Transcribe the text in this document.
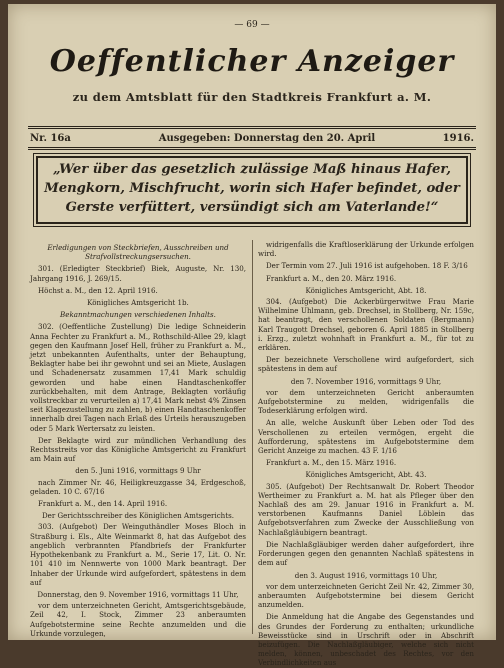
— 69 —
Oeffentlicher Anzeiger
zu dem Amtsblatt für den Stadtkreis Frankfurt a. M.
Nr. 16a	Ausgegeben: Donnerstag den 20. April	1916.
„Wer über das gesetzlich zulässige Maß hinaus Hafer,
Mengkorn, Mischfrucht, worin sich Hafer befindet, oder
Gerste verfüttert, versündigt sich am Vaterlande!“

Erledigungen von Steckbriefen, Ausschreiben und Strafvollstreckungsersuchen.

301. (Erledigter Steckbrief) Biek, Auguste, Nr. 130, Jahrgang 1916, J. 269/15.

Höchst a. M., den 12. April 1916.

Königliches Amtsgericht 1b.

Bekanntmachungen verschiedenen Inhalts.

302. (Oeffentliche Zustellung) Die ledige Schneiderin Anna Fechter zu Frankfurt a. M., Rothschild-Allee 29, klagt gegen den Kaufmann Josef Hell, früher zu Frankfurt a. M., jetzt unbekannten Aufenthalts, unter der Behauptung, Beklagter habe bei ihr gewohnt und sei an Miete, Auslagen und Schadenersatz zusammen 17,41 Mark schuldig geworden und habe einen Handtaschenkoffer zurückbehalten, mit dem Antrage, Beklagten vorläufig vollstreckbar zu verurteilen a) 17,41 Mark nebst 4% Zinsen seit Klagezustellung zu zahlen, b) einen Handtaschenkoffer innerhalb drei Tagen nach Erlaß des Urteils herauszugeben oder 5 Mark Wertersatz zu leisten.

Der Beklagte wird zur mündlichen Verhandlung des Rechtsstreits vor das Königliche Amtsgericht zu Frankfurt am Main auf

den 5. Juni 1916, vormittags 9 Uhr

nach Zimmer Nr. 46, Heiligkreuzgasse 34, Erdgeschoß, geladen. 10 C. 67/16

Frankfurt a. M., den 14. April 1916.

Der Gerichtsschreiber des Königlichen Amtsgerichts.

303. (Aufgebot) Der Weinguthändler Moses Bloch in Straßburg i. Els., Alte Weinmarkt 8, hat das Aufgebot des angeblich verbrannten Pfandbriefs der Frankfurter Hypothekenbank zu Frankfurt a. M., Serie 17, Lit. O. Nr. 101 410 im Nennwerte von 1000 Mark beantragt. Der Inhaber der Urkunde wird aufgefordert, spätestens in dem auf

Donnerstag, den 9. November 1916, vormittags 11 Uhr,

vor dem unterzeichneten Gericht, Amtsgerichtsgebäude, Zeil 42, I. Stock, Zimmer 23 anberaumten Aufgebotstermine seine Rechte anzumelden und die Urkunde vorzulegen,

widrigenfalls die Kraftloserklärung der Urkunde erfolgen wird.

Der Termin vom 27. Juli 1916 ist aufgehoben. 18 F. 3/16

Frankfurt a. M., den 20. März 1916.

Königliches Amtsgericht, Abt. 18.

304. (Aufgebot) Die Ackerbürgerwitwe Frau Marie Wilhelmine Uhlmann, geb. Drechsel, in Stollberg, Nr. 159c, hat beantragt, den verschollenen Soldaten (Bergmann) Karl Traugott Drechsel, geboren 6. April 1885 in Stollberg i. Erzg., zuletzt wohnhaft in Frankfurt a. M., für tot zu erklären.

Der bezeichnete Verschollene wird aufgefordert, sich spätestens in dem auf

den 7. November 1916, vormittags 9 Uhr,

vor dem unterzeichneten Gericht anberaumten Aufgebotstermine zu melden, widrigenfalls die Todeserklärung erfolgen wird.

An alle, welche Auskunft über Leben oder Tod des Verschollenen zu erteilen vermögen, ergeht die Aufforderung, spätestens im Aufgebotstermine dem Gericht Anzeige zu machen. 43 F. 1/16

Frankfurt a. M., den 15. März 1916.

Königliches Amtsgericht, Abt. 43.

305. (Aufgebot) Der Rechtsanwalt Dr. Robert Theodor Wertheimer zu Frankfurt a. M. hat als Pfleger über den Nachlaß des am 29. Januar 1916 in Frankfurt a. M. verstorbenen Kaufmanns Daniel Löblein das Aufgebotsverfahren zum Zwecke der Ausschließung von Nachlaßgläubigern beantragt.

Die Nachlaßgläubiger werden daher aufgefordert, ihre Forderungen gegen den genannten Nachlaß spätestens in dem auf

den 3. August 1916, vormittags 10 Uhr,

vor dem unterzeichneten Gericht Zeil Nr. 42, Zimmer 30, anberaumten Aufgebotstermine bei diesem Gericht anzumelden.

Die Anmeldung hat die Angabe des Gegenstandes und des Grundes der Forderung zu enthalten; urkundliche Beweisstücke sind in Urschrift oder in Abschrift beizufügen. Die Nachlaßgläubiger, welche sich nicht melden, können, unbeschadet des Rechtes, vor den Verbindlichkeiten aus
